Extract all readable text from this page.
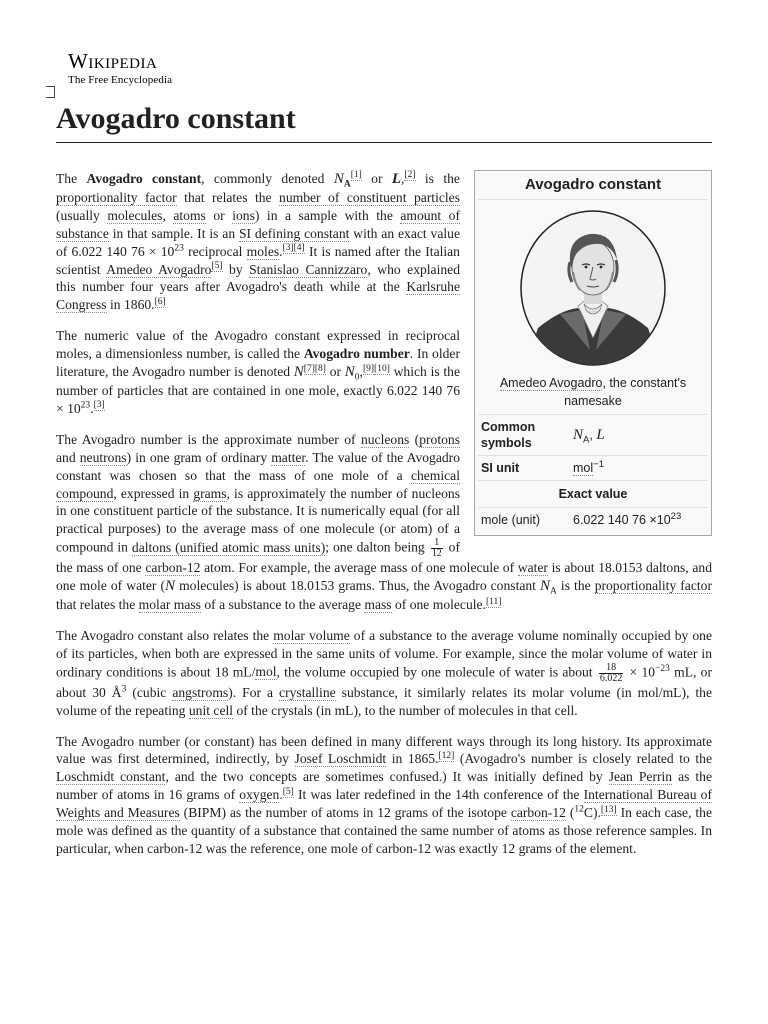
Wikipedia
The Free Encyclopedia
Avogadro constant
Avogadro constant
Amedeo Avogadro, the constant's namesake
Common symbols	$N_A$, L
SI unit	mol$^{-1}$
Exact value
mole (unit)	6.022 140 $76 \times 10^{23}$

The Avogadro constant, commonly denoted $N_A[1]$ or L,[2] is the proportionality factor that relates the number of constituent particles (usually molecules, atoms or ions) in a sample with the amount of substance in that sample. It is an SI defining constant with an exact value of 6.022 140 $76 \times 10^{23}$ reciprocal moles.[3][4] It is named after the Italian scientist Amedeo Avogadro[5] by Stanislao Cannizzaro, who explained this number four years after Avogadro's death while at the Karlsruhe Congress in 1860.[6]

The numeric value of the Avogadro constant expressed in reciprocal moles, a dimensionless number, is called the Avogadro number. In older literature, the Avogadro number is denoted N[7][8] or $N_0,[9][10]$ which is the number of particles that are contained in one mole, exactly 6.022 140 $76 \times 10^{23}.[3]$

The Avogadro number is the approximate number of nucleons (protons and neutrons) in one gram of ordinary matter. The value of the Avogadro constant was chosen so that the mass of one mole of a chemical compound, expressed in grams, is approximately the number of nucleons in one constituent particle of the substance. It is numerically equal (for all practical purposes) to the average mass of one molecule (or atom) of a compound in daltons (unified atomic mass units); one dalton being $\frac{1}{12}$ of the mass of one carbon-12 atom. For example, the average mass of one molecule of water is about 18.0153 daltons, and one mole of water (N molecules) is about 18.0153 grams. Thus, the Avogadro constant $N_A$ is the proportionality factor that relates the molar mass of a substance to the average mass of one molecule.[11]

The Avogadro constant also relates the molar volume of a substance to the average volume nominally occupied by one of its particles, when both are expressed in the same units of volume. For example, since the molar volume of water in ordinary conditions is about 18 mL/mol, the volume occupied by one molecule of water is about $\frac{18}{6.022} \times 10^{-23}$ mL, or about 30 $Å^3$ (cubic angstroms). For a crystalline substance, it similarly relates its molar volume (in mol/mL), the volume of the repeating unit cell of the crystals (in mL), to the number of molecules in that cell.

The Avogadro number (or constant) has been defined in many different ways through its long history. Its approximate value was first determined, indirectly, by Josef Loschmidt in 1865.[12] (Avogadro's number is closely related to the Loschmidt constant, and the two concepts are sometimes confused.) It was initially defined by Jean Perrin as the number of atoms in 16 grams of oxygen.[5] It was later redefined in the 14th conference of the International Bureau of Weights and Measures (BIPM) as the number of atoms in 12 grams of the isotope carbon-12 ($^{12}$C).[13] In each case, the mole was defined as the quantity of a substance that contained the same number of atoms as those reference samples. In particular, when carbon-12 was the reference, one mole of carbon-12 was exactly 12 grams of the element.
